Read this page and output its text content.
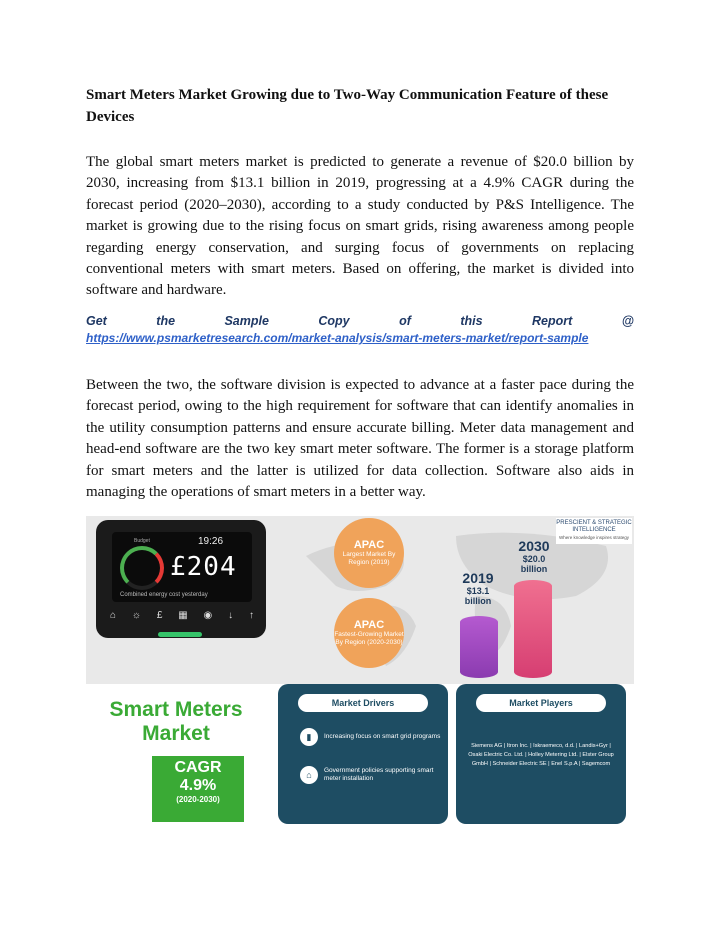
Smart Meters Market Growing due to Two-Way Communication Feature of these Devices

The global smart meters market is predicted to generate a revenue of $20.0 billion by 2030, increasing from $13.1 billion in 2019, progressing at a 4.9% CAGR during the forecast period (2020–2030), according to a study conducted by P&S Intelligence. The market is growing due to the rising focus on smart grids, rising awareness among people regarding energy conservation, and surging focus of governments on replacing conventional meters with smart meters. Based on offering, the market is divided into software and hardware.

Get	the	Sample	Copy	of	this	Report	@
https://www.psmarketresearch.com/market-analysis/smart-meters-market/report-sample

Between the two, the software division is expected to advance at a faster pace during the forecast period, owing to the high requirement for software that can identify anomalies in the utility consumption patterns and ensure accurate billing. Meter data management and head-end software are the two key smart meter software. The former is a storage platform for smart meters and the latter is utilized for data collection. Software also aids in managing the operations of smart meters in a better way.

Budget	19:26
£204
Combined energy cost yesterday
⌂ ☼ £ ▦ ◉ ↓ ↑
APAC
Largest Market By Region (2019)
APAC
Fastest-Growing Market By Region (2020-2030)
PRESCIENT & STRATEGIC
INTELLIGENCE
Where knowledge inspires strategy
2019
$13.1
billion
2030
$20.0
billion
Smart Meters
Market
CAGR
4.9%
(2020-2030)
Market Drivers
▮	Increasing focus on smart grid programs
⌂	Government policies supporting smart meter installation
Market Players
Siemens AG | Itron Inc. | Iskraemeco, d.d. | Landis+Gyr | Osaki Electric Co. Ltd. | Holley Metering Ltd. | Elster Group GmbH | Schneider Electric SE | Enel S.p.A | Sagemcom
